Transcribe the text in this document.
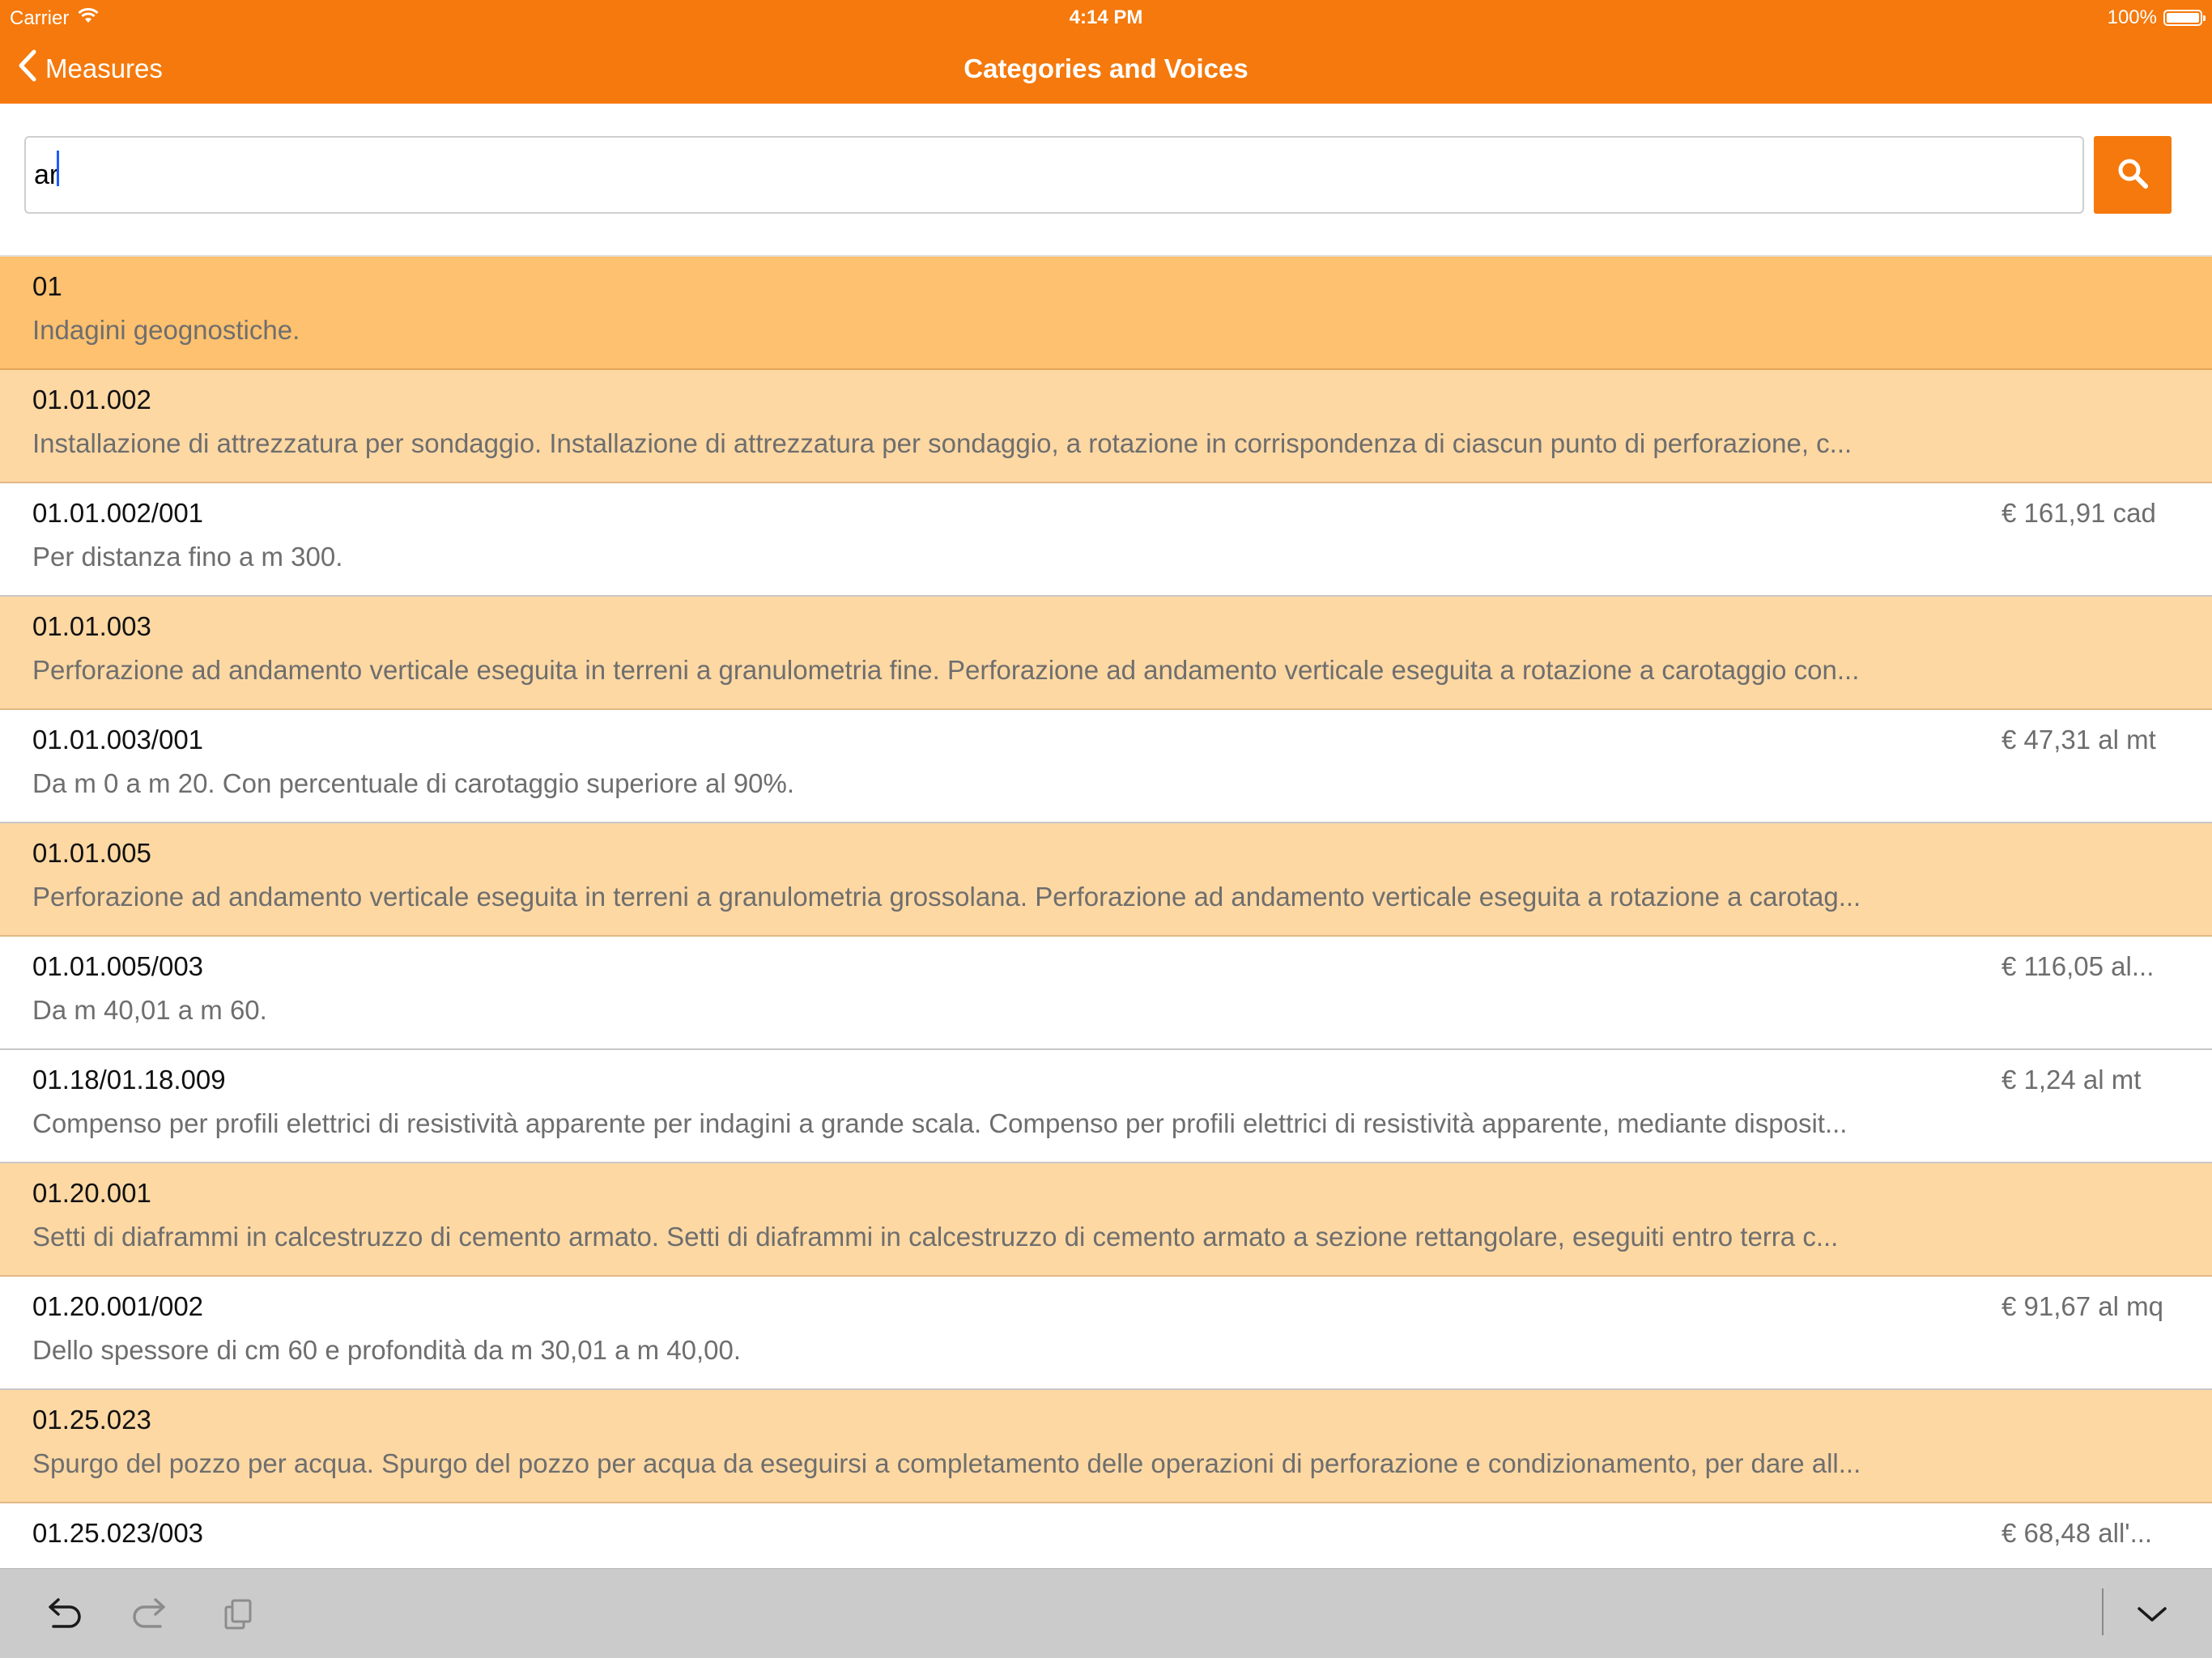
Carrier	4:14 PM	100%
Measures	Categories and Voices
ar
01
Indagini geognostiche.
01.01.002
Installazione di attrezzatura per sondaggio. Installazione di attrezzatura per sondaggio, a rotazione in corrispondenza di ciascun punto di perforazione, c...
01.01.002/001
Per distanza fino a m 300.
€ 161,91 cad
01.01.003
Perforazione ad andamento verticale eseguita in terreni a granulometria fine. Perforazione ad andamento verticale eseguita a rotazione a carotaggio con...
01.01.003/001
Da m 0 a m 20. Con percentuale di carotaggio superiore al 90%.
€ 47,31 al mt
01.01.005
Perforazione ad andamento verticale eseguita in terreni a granulometria grossolana. Perforazione ad andamento verticale eseguita a rotazione a carotag...
01.01.005/003
Da m 40,01 a m 60.
€ 116,05 al...
01.18/01.18.009
Compenso per profili elettrici di resistività apparente per indagini a grande scala. Compenso per profili elettrici di resistività apparente, mediante disposit...
€ 1,24 al mt
01.20.001
Setti di diaframmi in calcestruzzo di cemento armato. Setti di diaframmi in calcestruzzo di cemento armato a sezione rettangolare, eseguiti entro terra c...
01.20.001/002
Dello spessore di cm 60 e profondità da m 30,01 a m 40,00.
€ 91,67 al mq
01.25.023
Spurgo del pozzo per acqua. Spurgo del pozzo per acqua da eseguirsi a completamento delle operazioni di perforazione e condizionamento, per dare all...
01.25.023/003	€ 68,48 all'...
